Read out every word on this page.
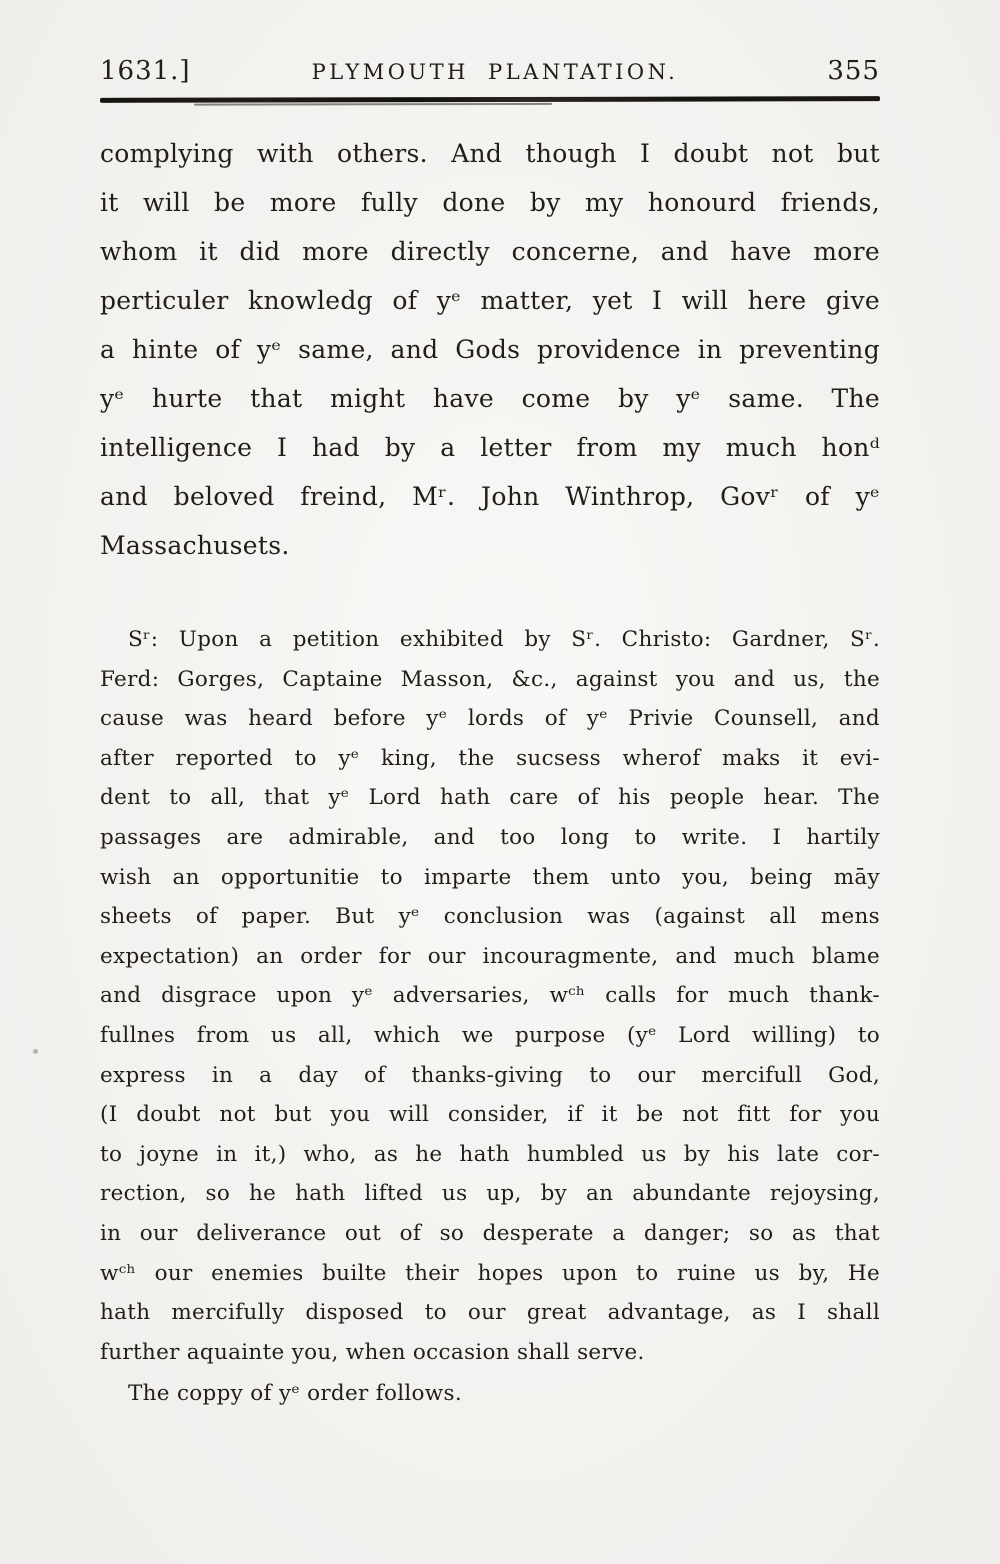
1631.]	PLYMOUTH PLANTATION.	355
complying with others. And though I doubt not but
it will be more fully done by my honourd friends,
whom it did more directly concerne, and have more
perticuler knowledg of yᵉ matter, yet I will here give
a hinte of yᵉ same, and Gods providence in preventing
yᵉ hurte that might have come by yᵉ same. The
intelligence I had by a letter from my much honᵈ
and beloved freind, Mʳ. John Winthrop, Govʳ of yᵉ
Massachusets.
Sʳ: Upon a petition exhibited by Sʳ. Christo: Gardner, Sʳ.
Ferd: Gorges, Captaine Masson, &c., against you and us, the
cause was heard before yᵉ lords of yᵉ Privie Counsell, and
after reported to yᵉ king, the sucsess wherof maks it evi-
dent to all, that yᵉ Lord hath care of his people hear. The
passages are admirable, and too long to write. I hartily
wish an opportunitie to imparte them unto you, being māy
sheets of paper. But yᵉ conclusion was (against all mens
expectation) an order for our incouragmente, and much blame
and disgrace upon yᵉ adversaries, wᶜʰ calls for much thank-
fullnes from us all, which we purpose (yᵉ Lord willing) to
express in a day of thanks-giving to our mercifull God,
(I doubt not but you will consider, if it be not fitt for you
to joyne in it,) who, as he hath humbled us by his late cor-
rection, so he hath lifted us up, by an abundante rejoysing,
in our deliverance out of so desperate a danger; so as that
wᶜʰ our enemies builte their hopes upon to ruine us by, He
hath mercifully disposed to our great advantage, as I shall
further aquainte you, when occasion shall serve.
The coppy of yᵉ order follows.
